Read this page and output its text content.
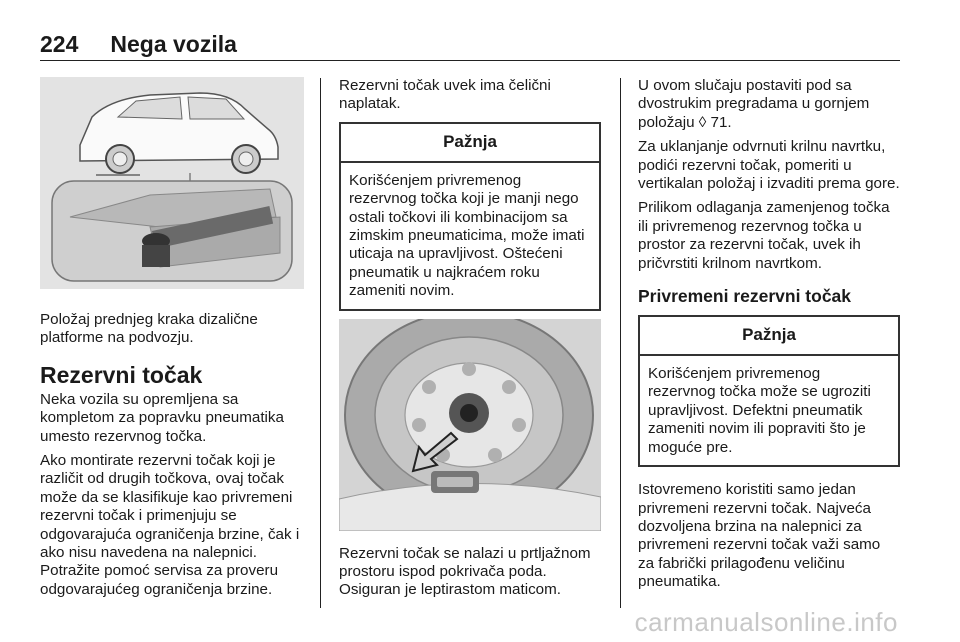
224 Nega vozila

Položaj prednjeg kraka dizalične platforme na podvozju.

Rezervni točak

Neka vozila su opremljena sa kompletom za popravku pneumatika umesto rezervnog točka.

Ako montirate rezervni točak koji je različit od drugih točkova, ovaj točak može da se klasifikuje kao privremeni rezervni točak i primenjuju se odgovarajuća ograničenja brzine, čak i ako nisu navedena na nalepnici. Potražite pomoć servisa za proveru odgovarajućeg ograničenja brzine.

Rezervni točak uvek ima čelični naplatak.

Pažnja
Korišćenjem privremenog rezervnog točka koji je manji nego ostali točkovi ili kombinacijom sa zimskim pneumaticima, može imati uticaja na upravljivost. Oštećeni pneumatik u najkraćem roku zameniti novim.

Rezervni točak se nalazi u prtljažnom prostoru ispod pokrivača poda. Osiguran je leptirastom maticom.

U ovom slučaju postaviti pod sa dvostrukim pregradama u gornjem položaju ◊ 71.

Za uklanjanje odvrnuti krilnu navrtku, podići rezervni točak, pomeriti u vertikalan položaj i izvaditi prema gore.

Prilikom odlaganja zamenjenog točka ili privremenog rezervnog točka u prostor za rezervni točak, uvek ih pričvrstiti krilnom navrtkom.

Privremeni rezervni točak
Pažnja
Korišćenjem privremenog rezervnog točka može se ugroziti upravljivost. Defektni pneumatik zameniti novim ili popraviti što je moguće pre.

Istovremeno koristiti samo jedan privremeni rezervni točak. Najveća dozvoljena brzina na nalepnici za privremeni rezervni točak važi samo za fabrički prilagođenu veličinu pneumatika.

carmanualsonline.info
